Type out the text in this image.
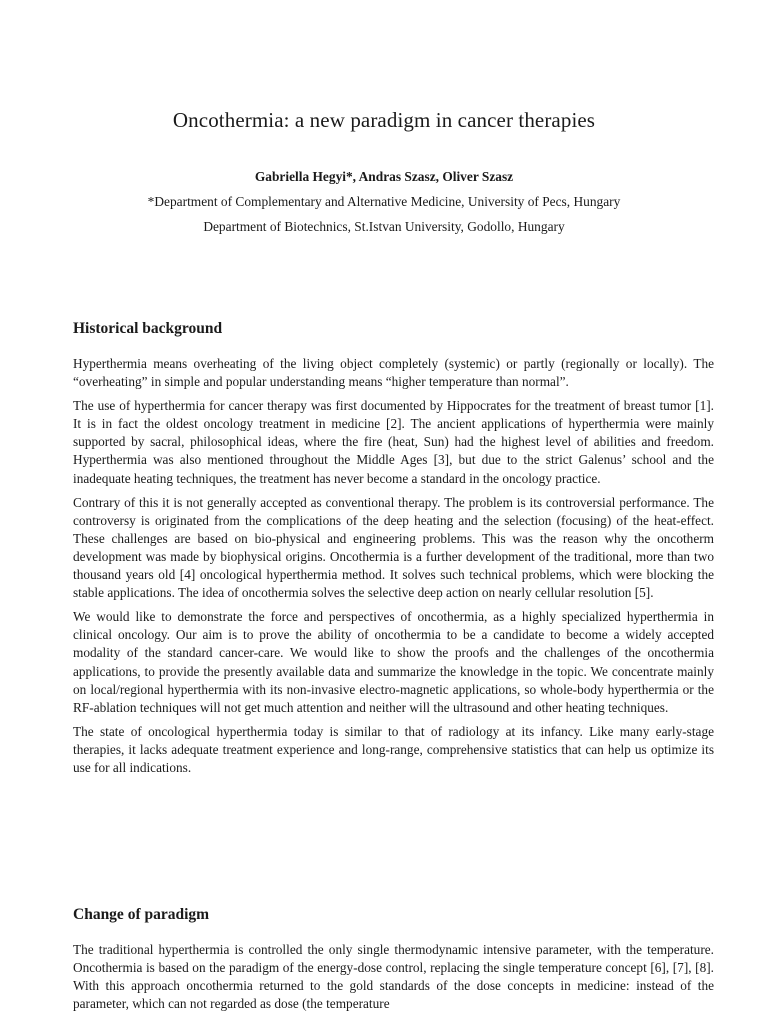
Oncothermia: a new paradigm in cancer therapies

Gabriella Hegyi*, Andras Szasz, Oliver Szasz

*Department of Complementary and Alternative Medicine, University of Pecs, Hungary

Department of Biotechnics, St.Istvan University, Godollo, Hungary

Historical background

Hyperthermia means overheating of the living object completely (systemic) or partly (regionally or locally). The “overheating” in simple and popular understanding means “higher temperature than normal”.

The use of hyperthermia for cancer therapy was first documented by Hippocrates for the treatment of breast tumor [1]. It is in fact the oldest oncology treatment in medicine [2]. The ancient applications of hyperthermia were mainly supported by sacral, philosophical ideas, where the fire (heat, Sun) had the highest level of abilities and freedom. Hyperthermia was also mentioned throughout the Middle Ages [3], but due to the strict Galenus’ school and the inadequate heating techniques, the treatment has never become a standard in the oncology practice.

Contrary of this it is not generally accepted as conventional therapy. The problem is its controversial performance. The controversy is originated from the complications of the deep heating and the selection (focusing) of the heat-effect. These challenges are based on bio-physical and engineering problems. This was the reason why the oncotherm development was made by biophysical origins. Oncothermia is a further development of the traditional, more than two thousand years old [4] oncological hyperthermia method. It solves such technical problems, which were blocking the stable applications. The idea of oncothermia solves the selective deep action on nearly cellular resolution [5].

We would like to demonstrate the force and perspectives of oncothermia, as a highly specialized hyperthermia in clinical oncology. Our aim is to prove the ability of oncothermia to be a candidate to become a widely accepted modality of the standard cancer-care. We would like to show the proofs and the challenges of the oncothermia applications, to provide the presently available data and summarize the knowledge in the topic. We concentrate mainly on local/regional hyperthermia with its non-invasive electro-magnetic applications, so whole-body hyperthermia or the RF-ablation techniques will not get much attention and neither will the ultrasound and other heating techniques.

The state of oncological hyperthermia today is similar to that of radiology at its infancy. Like many early-stage therapies, it lacks adequate treatment experience and long-range, comprehensive statistics that can help us optimize its use for all indications.

Change of paradigm

The traditional hyperthermia is controlled the only single thermodynamic intensive parameter, with the temperature. Oncothermia is based on the paradigm of the energy-dose control, replacing the single temperature concept [6], [7], [8]. With this approach oncothermia returned to the gold standards of the dose concepts in medicine: instead of the parameter, which can not regarded as dose (the temperature
